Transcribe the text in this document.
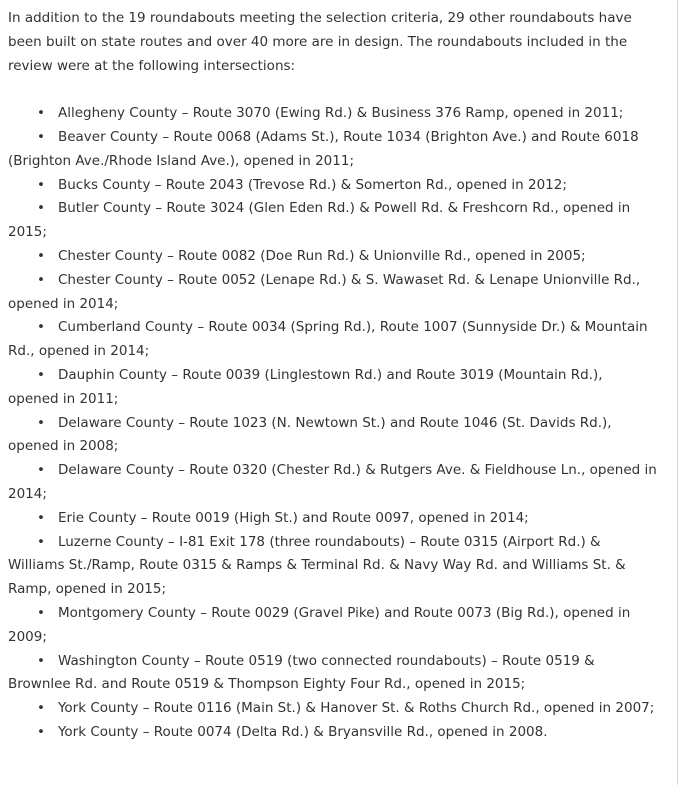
In addition to the 19 roundabouts meeting the selection criteria, 29 other roundabouts have been built on state routes and over 40 more are in design. The roundabouts included in the review were at the following intersections:

• Allegheny County – Route 3070 (Ewing Rd.) & Business 376 Ramp, opened in 2011;
• Beaver County – Route 0068 (Adams St.), Route 1034 (Brighton Ave.) and Route 6018 (Brighton Ave./Rhode Island Ave.), opened in 2011;
• Bucks County – Route 2043 (Trevose Rd.) & Somerton Rd., opened in 2012;
• Butler County – Route 3024 (Glen Eden Rd.) & Powell Rd. & Freshcorn Rd., opened in 2015;
• Chester County – Route 0082 (Doe Run Rd.) & Unionville Rd., opened in 2005;
• Chester County – Route 0052 (Lenape Rd.) & S. Wawaset Rd. & Lenape Unionville Rd., opened in 2014;
• Cumberland County – Route 0034 (Spring Rd.), Route 1007 (Sunnyside Dr.) & Mountain Rd., opened in 2014;
• Dauphin County – Route 0039 (Linglestown Rd.) and Route 3019 (Mountain Rd.), opened in 2011;
• Delaware County – Route 1023 (N. Newtown St.) and Route 1046 (St. Davids Rd.), opened in 2008;
• Delaware County – Route 0320 (Chester Rd.) & Rutgers Ave. & Fieldhouse Ln., opened in 2014;
• Erie County – Route 0019 (High St.) and Route 0097, opened in 2014;
• Luzerne County – I-81 Exit 178 (three roundabouts) – Route 0315 (Airport Rd.) & Williams St./Ramp, Route 0315 & Ramps & Terminal Rd. & Navy Way Rd. and Williams St. & Ramp, opened in 2015;
• Montgomery County – Route 0029 (Gravel Pike) and Route 0073 (Big Rd.), opened in 2009;
• Washington County – Route 0519 (two connected roundabouts) – Route 0519 & Brownlee Rd. and Route 0519 & Thompson Eighty Four Rd., opened in 2015;
• York County – Route 0116 (Main St.) & Hanover St. & Roths Church Rd., opened in 2007;
• York County – Route 0074 (Delta Rd.) & Bryansville Rd., opened in 2008.
